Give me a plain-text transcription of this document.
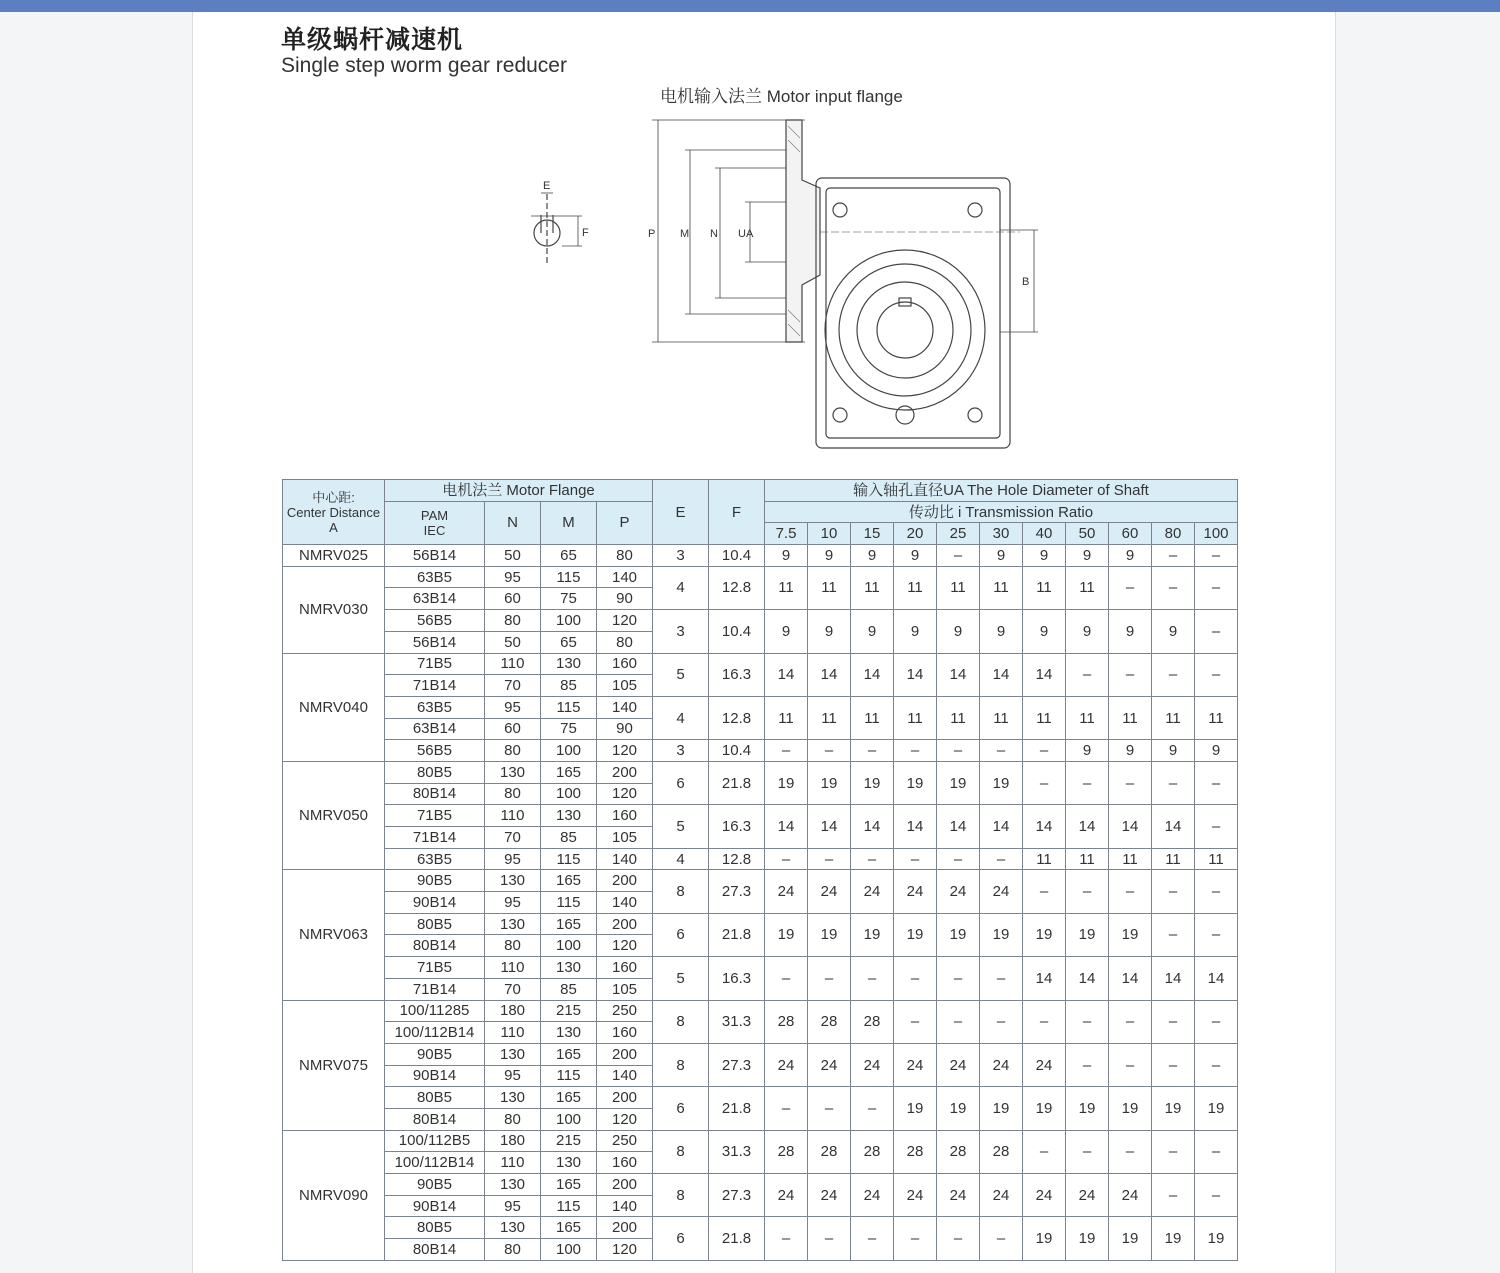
单级蜗杆减速机
Single step worm gear reducer
电机输入法兰 Motor input flange
E
F	P M N UA
B
中心距:
Center Distance
A	电机法兰 Motor Flange				E	F	输入轴孔直径UA The Hole Diameter of Shaft										

	PAM
IEC	N	M	P			传动比 i Transmission Ratio										
							7.5	10	15	20	25	30	40	50	60	80	100
NMRV025	56B14	50	65	80	3	10.4	9	9	9	9	–	9	9	9	9	–	–
NMRV030	63B5	95	115	140	4	12.8	11	11	11	11	11	11	11	11	–	–	–
	63B14	60	75	90													
	56B5	80	100	120	3	10.4	9	9	9	9	9	9	9	9	9	9	–
	56B14	50	65	80													
NMRV040	71B5	110	130	160	5	16.3	14	14	14	14	14	14	14	–	–	–	–
	71B14	70	85	105													
	63B5	95	115	140	4	12.8	11	11	11	11	11	11	11	11	11	11	11
	63B14	60	75	90													
	56B5	80	100	120	3	10.4	–	–	–	–	–	–	–	9	9	9	9
NMRV050	80B5	130	165	200	6	21.8	19	19	19	19	19	19	–	–	–	–	–
	80B14	80	100	120													
	71B5	110	130	160	5	16.3	14	14	14	14	14	14	14	14	14	14	–
	71B14	70	85	105													
	63B5	95	115	140	4	12.8	–	–	–	–	–	–	11	11	11	11	11
NMRV063	90B5	130	165	200	8	27.3	24	24	24	24	24	24	–	–	–	–	–
	90B14	95	115	140													
	80B5	130	165	200	6	21.8	19	19	19	19	19	19	19	19	19	–	–
	80B14	80	100	120													
	71B5	110	130	160	5	16.3	–	–	–	–	–	–	14	14	14	14	14
	71B14	70	85	105													
NMRV075	100/11285	180	215	250	8	31.3	28	28	28	–	–	–	–	–	–	–	–
	100/112B14	110	130	160													
	90B5	130	165	200	8	27.3	24	24	24	24	24	24	24	–	–	–	–
	90B14	95	115	140													
	80B5	130	165	200	6	21.8	–	–	–	19	19	19	19	19	19	19	19
	80B14	80	100	120													
NMRV090	100/112B5	180	215	250	8	31.3	28	28	28	28	28	28	–	–	–	–	–
	100/112B14	110	130	160													
	90B5	130	165	200	8	27.3	24	24	24	24	24	24	24	24	24	–	–
	90B14	95	115	140													
	80B5	130	165	200	6	21.8	–	–	–	–	–	–	19	19	19	19	19
	80B14	80	100	120													
